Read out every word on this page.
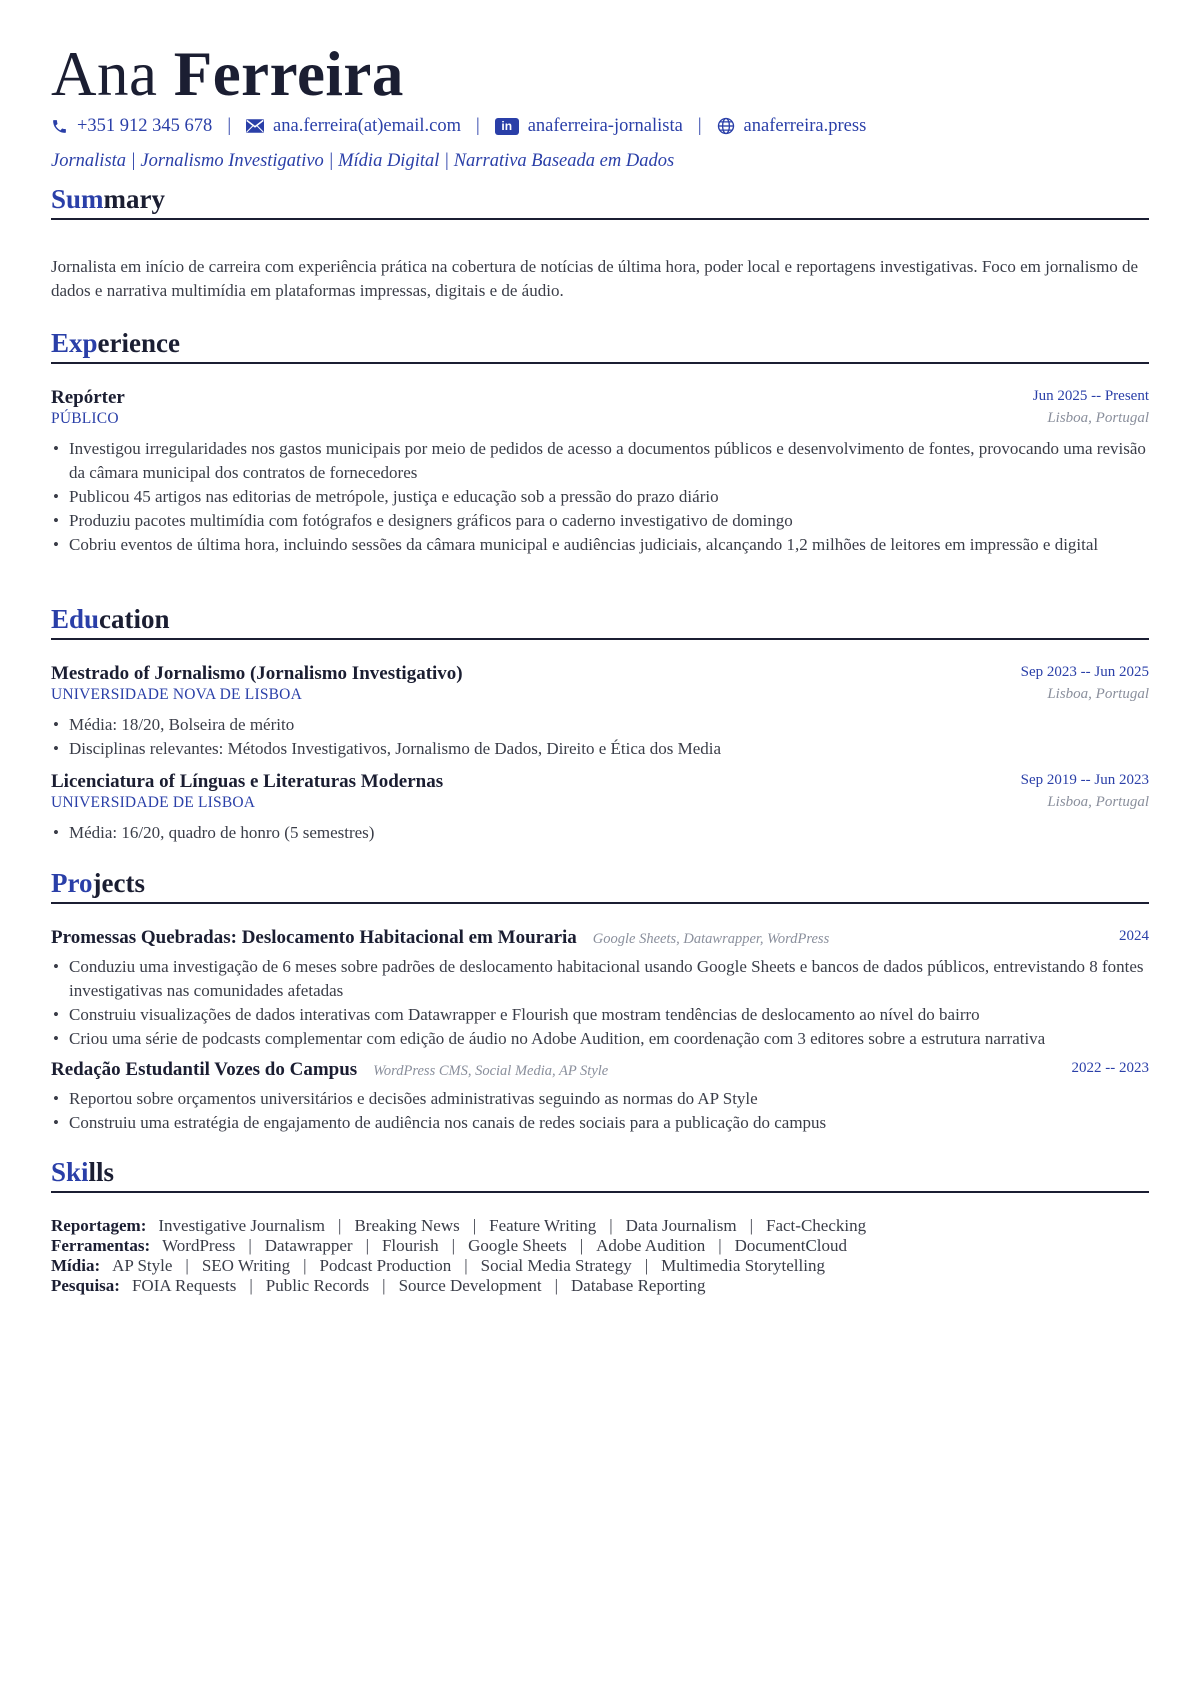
Ana Ferreira
+351 912 345 678 | ana.ferreira(at)email.com |	in anaferreira-jornalista | anaferreira.press
Jornalista | Jornalismo Investigativo | Mídia Digital | Narrativa Baseada em Dados
Summary
Jornalista em início de carreira com experiência prática na cobertura de notícias de última hora, poder local e reportagens investigativas. Foco em jornalismo de dados e narrativa multimídia em plataformas impressas, digitais e de áudio.
Experience
Repórter	Jun 2025 -- Present
PÚBLICO	Lisboa, Portugal
• Investigou irregularidades nos gastos municipais por meio de pedidos de acesso a documentos públicos e desenvolvimento de fontes, provocando uma revisão da câmara municipal dos contratos de fornecedores
• Publicou 45 artigos nas editorias de metrópole, justiça e educação sob a pressão do prazo diário
• Produziu pacotes multimídia com fotógrafos e designers gráficos para o caderno investigativo de domingo
• Cobriu eventos de última hora, incluindo sessões da câmara municipal e audiências judiciais, alcançando 1,2 milhões de leitores em impressão e digital
Education
Mestrado of Jornalismo (Jornalismo Investigativo)	Sep 2023 -- Jun 2025
UNIVERSIDADE NOVA DE LISBOA	Lisboa, Portugal
• Média: 18/20, Bolseira de mérito
• Disciplinas relevantes: Métodos Investigativos, Jornalismo de Dados, Direito e Ética dos Media
Licenciatura of Línguas e Literaturas Modernas	Sep 2019 -- Jun 2023
UNIVERSIDADE DE LISBOA	Lisboa, Portugal
• Média: 16/20, quadro de honro (5 semestres)
Projects
Promessas Quebradas: Deslocamento Habitacional em Mouraria Google Sheets, Datawrapper, WordPress	2024
• Conduziu uma investigação de 6 meses sobre padrões de deslocamento habitacional usando Google Sheets e bancos de dados públicos, entrevistando 8 fontes investigativas nas comunidades afetadas
• Construiu visualizações de dados interativas com Datawrapper e Flourish que mostram tendências de deslocamento ao nível do bairro
• Criou uma série de podcasts complementar com edição de áudio no Adobe Audition, em coordenação com 3 editores sobre a estrutura narrativa
Redação Estudantil Vozes do Campus WordPress CMS, Social Media, AP Style	2022 -- 2023
• Reportou sobre orçamentos universitários e decisões administrativas seguindo as normas do AP Style
• Construiu uma estratégia de engajamento de audiência nos canais de redes sociais para a publicação do campus
Skills
Reportagem: Investigative Journalism | Breaking News | Feature Writing | Data Journalism | Fact-Checking
Ferramentas: WordPress | Datawrapper | Flourish | Google Sheets | Adobe Audition | DocumentCloud
Mídia: AP Style | SEO Writing | Podcast Production | Social Media Strategy | Multimedia Storytelling
Pesquisa: FOIA Requests | Public Records | Source Development | Database Reporting
